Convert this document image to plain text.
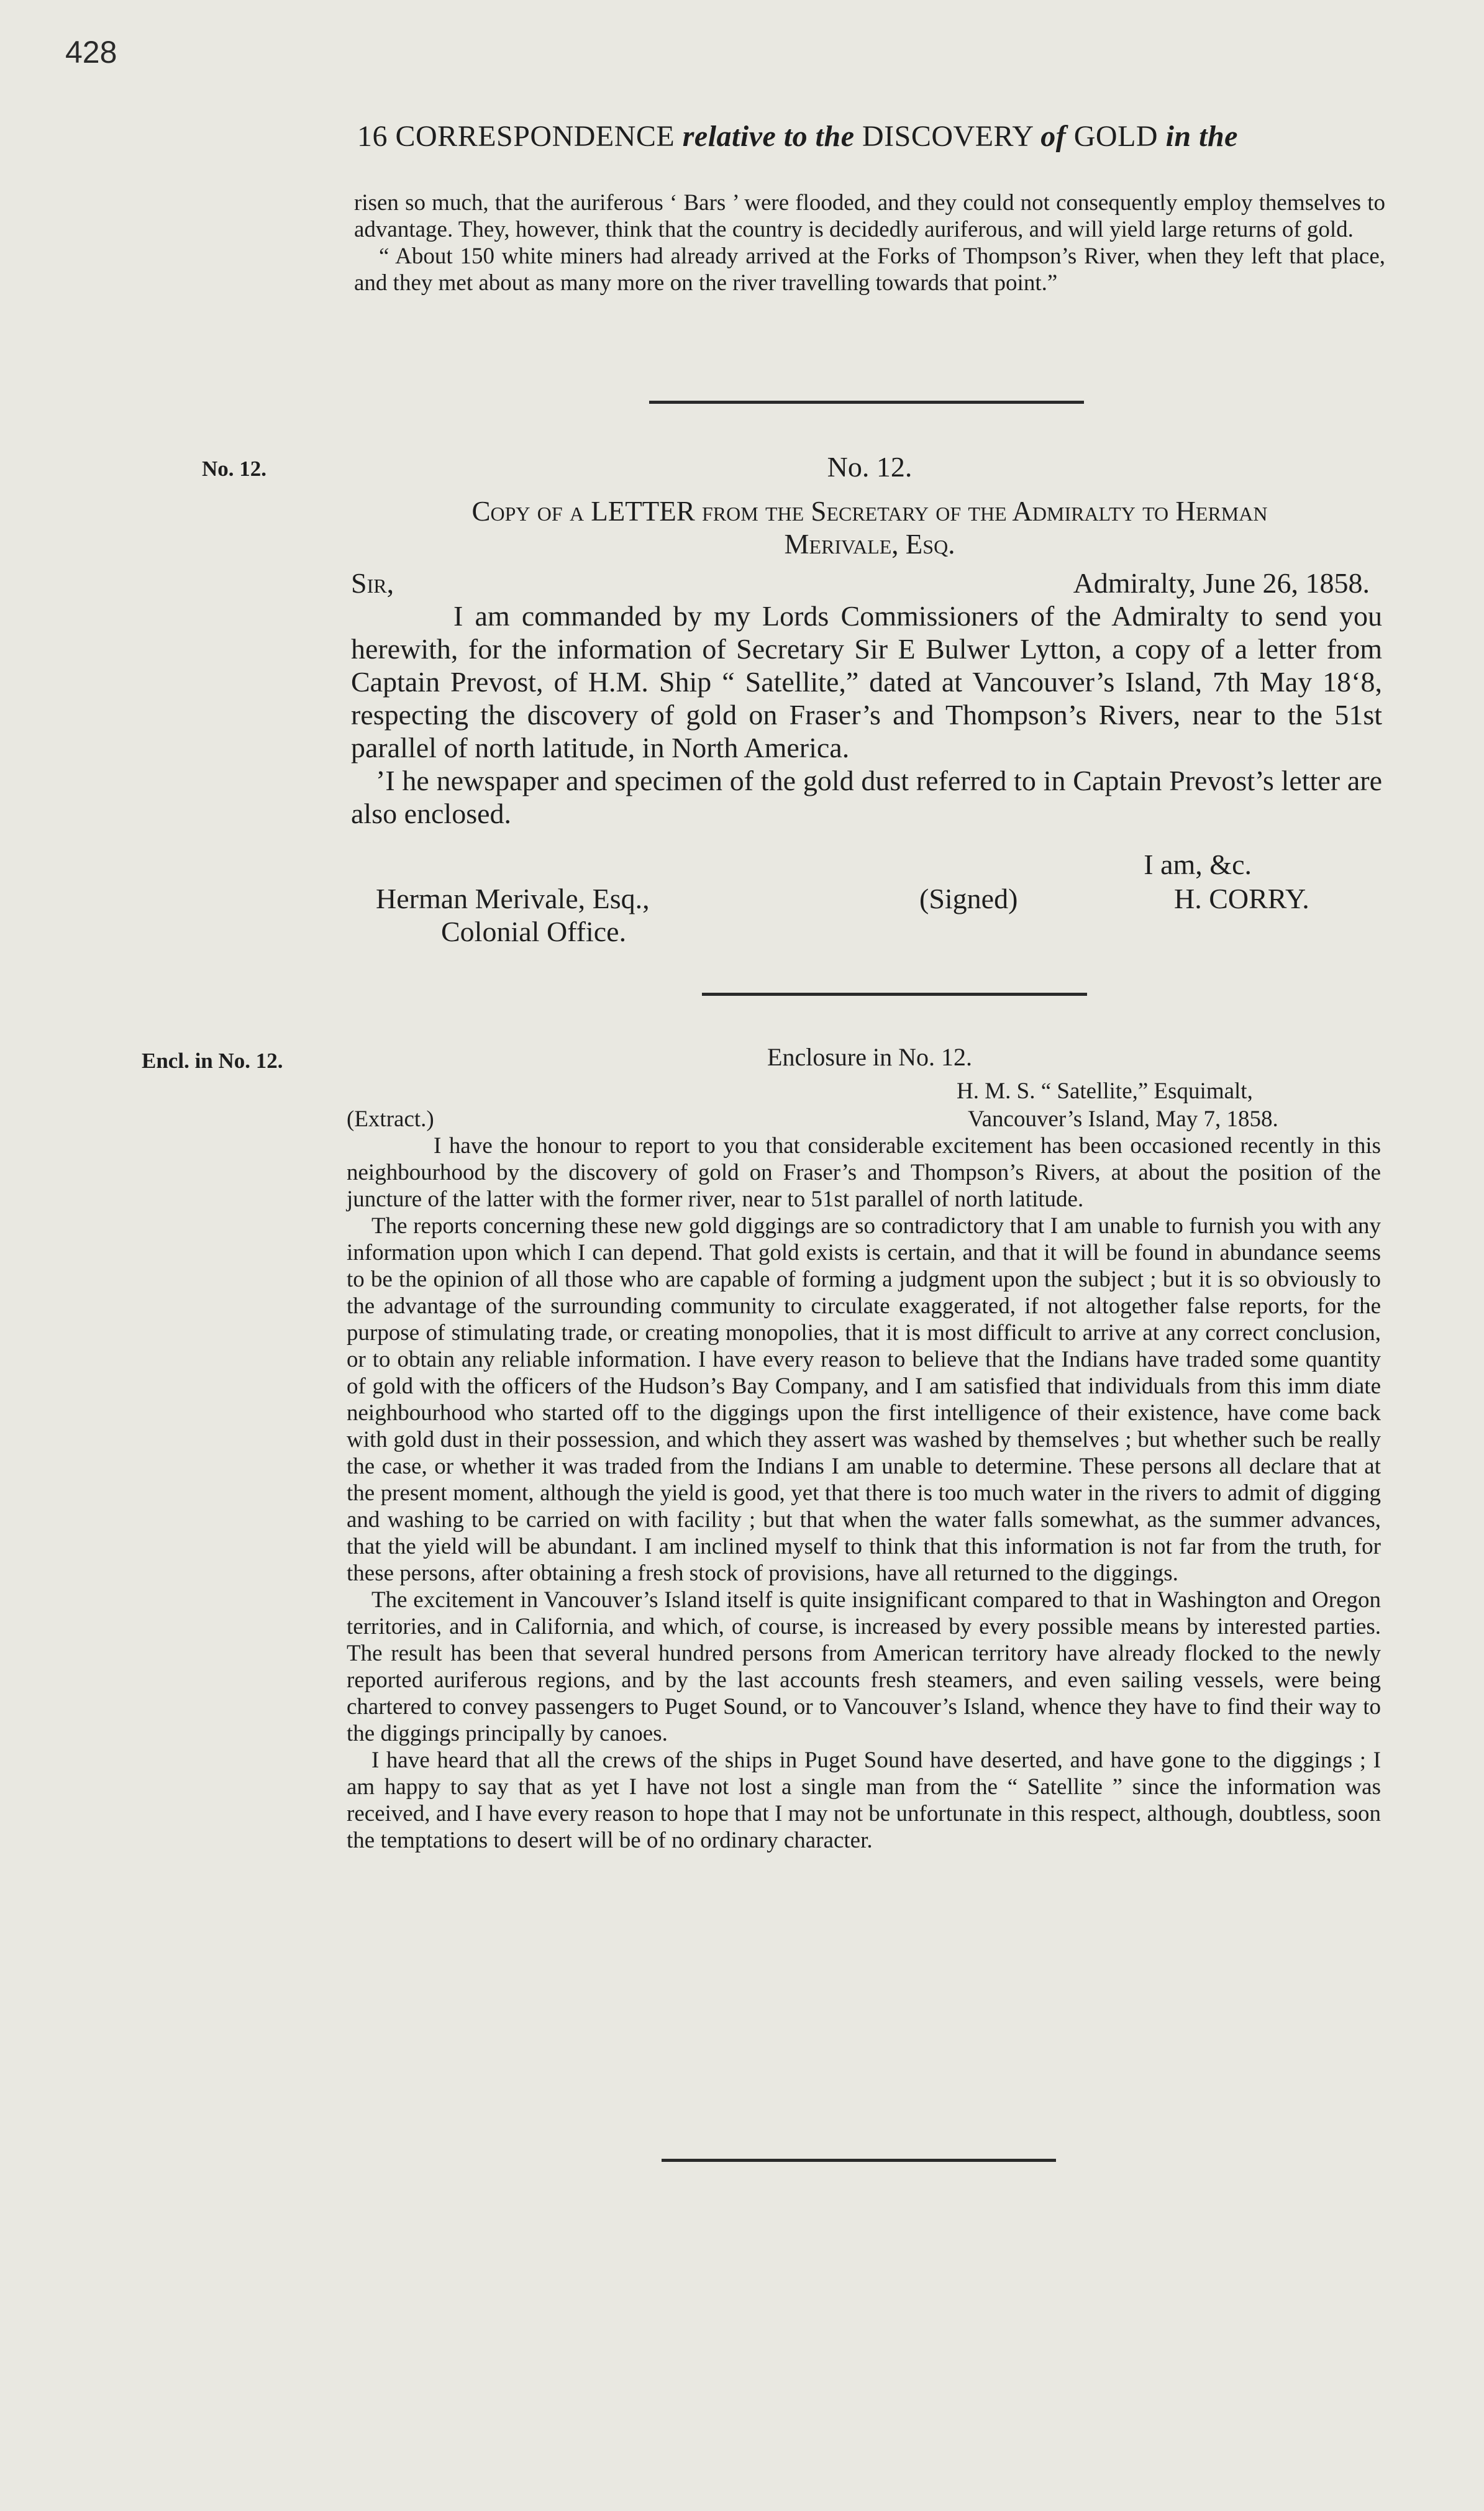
428
16 CORRESPONDENCE relative to the DISCOVERY of GOLD in the

risen so much, that the auriferous ‘ Bars ’ were flooded, and they could not consequently employ themselves to advantage. They, however, think that the country is decidedly auriferous, and will yield large returns of gold.

“ About 150 white miners had already arrived at the Forks of Thompson’s River, when they left that place, and they met about as many more on the river travelling towards that point.”

No. 12.	No. 12.
Copy of a LETTER from the Secretary of the Admiralty to Herman
Merivale, Esq.
Sir,	Admiralty, June 26, 1858.

I am commanded by my Lords Commissioners of the Admiralty to send you herewith, for the information of Secretary Sir E Bulwer Lytton, a copy of a letter from Captain Prevost, of H.M. Ship “ Satellite,” dated at Vancouver’s Island, 7th May 18ʻ8, respecting the discovery of gold on Fraser’s and Thompson’s Rivers, near to the 51st parallel of north latitude, in North America.

ʼI he newspaper and specimen of the gold dust referred to in Captain Prevost’s letter are also enclosed.

I am, &c.
Herman Merivale, Esq.,
Colonial Office.
(Signed)	H. CORRY.
Encl. in No. 12.	Enclosure in No. 12.
H. M. S. “ Satellite,” Esquimalt,
(Extract.)	Vancouver’s Island, May 7, 1858.

I have the honour to report to you that considerable excitement has been occasioned recently in this neighbourhood by the discovery of gold on Fraser’s and Thompson’s Rivers, at about the position of the juncture of the latter with the former river, near to 51st parallel of north latitude.

The reports concerning these new gold diggings are so contradictory that I am unable to furnish you with any information upon which I can depend. That gold exists is certain, and that it will be found in abundance seems to be the opinion of all those who are capable of forming a judgment upon the subject ; but it is so obviously to the advantage of the surrounding community to circulate exaggerated, if not altogether false reports, for the purpose of stimulating trade, or creating monopolies, that it is most difficult to arrive at any correct conclusion, or to obtain any reliable information. I have every reason to believe that the Indians have traded some quantity of gold with the officers of the Hudson’s Bay Company, and I am satisfied that individuals from this imm diate neighbourhood who started off to the diggings upon the first intelligence of their existence, have come back with gold dust in their possession, and which they assert was washed by themselves ; but whether such be really the case, or whether it was traded from the Indians I am unable to determine. These persons all declare that at the present moment, although the yield is good, yet that there is too much water in the rivers to admit of digging and washing to be carried on with facility ; but that when the water falls somewhat, as the summer advances, that the yield will be abundant. I am inclined myself to think that this information is not far from the truth, for these persons, after obtaining a fresh stock of provisions, have all returned to the diggings.

The excitement in Vancouver’s Island itself is quite insignificant compared to that in Washington and Oregon territories, and in California, and which, of course, is increased by every possible means by interested parties. The result has been that several hundred persons from American territory have already flocked to the newly reported auriferous regions, and by the last accounts fresh steamers, and even sailing vessels, were being chartered to convey passengers to Puget Sound, or to Vancouver’s Island, whence they have to find their way to the diggings principally by canoes.

I have heard that all the crews of the ships in Puget Sound have deserted, and have gone to the diggings ; I am happy to say that as yet I have not lost a single man from the “ Satellite ” since the information was received, and I have every reason to hope that I may not be unfortunate in this respect, although, doubtless, soon the temptations to desert will be of no ordinary character.
